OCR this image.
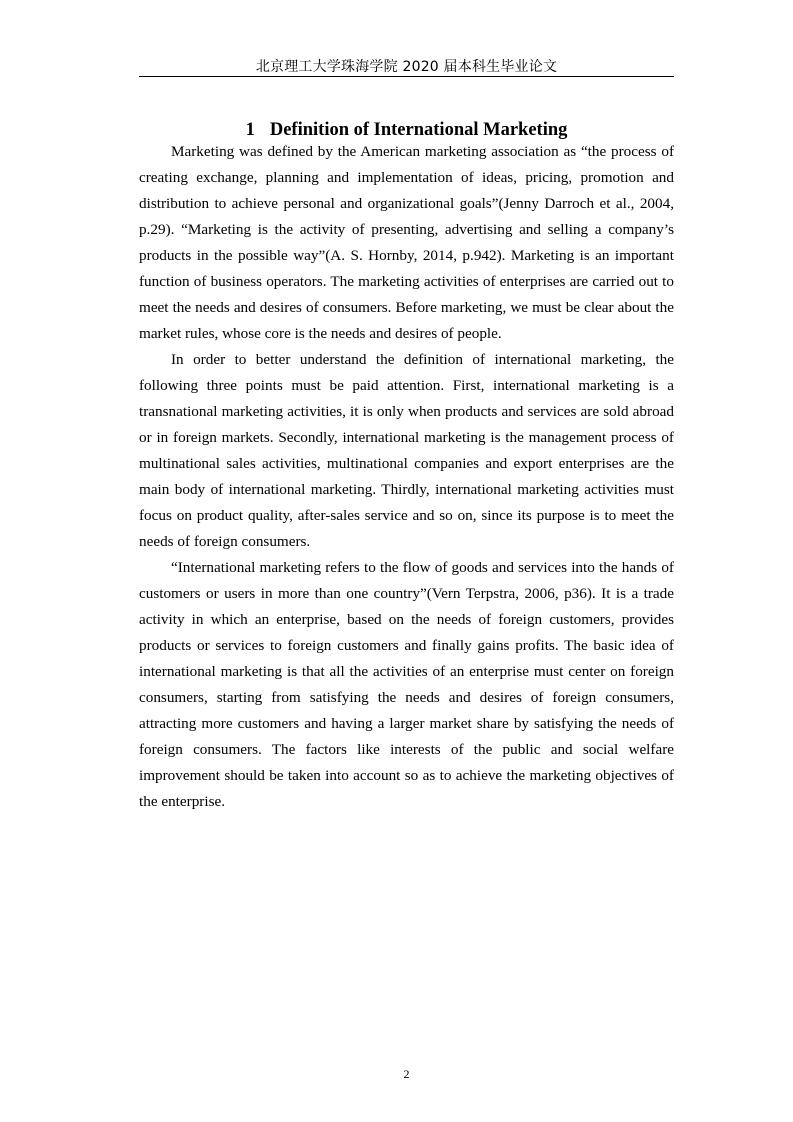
北京理工大学珠海学院 2020 届本科生毕业论文
1 Definition of International Marketing

Marketing was defined by the American marketing association as “the process of creating exchange, planning and implementation of ideas, pricing, promotion and distribution to achieve personal and organizational goals”(Jenny Darroch et al., 2004, p.29). “Marketing is the activity of presenting, advertising and selling a company’s products in the possible way”(A. S. Hornby, 2014, p.942). Marketing is an important function of business operators. The marketing activities of enterprises are carried out to meet the needs and desires of consumers. Before marketing, we must be clear about the market rules, whose core is the needs and desires of people.

In order to better understand the definition of international marketing, the following three points must be paid attention. First, international marketing is a transnational marketing activities, it is only when products and services are sold abroad or in foreign markets. Secondly, international marketing is the management process of multinational sales activities, multinational companies and export enterprises are the main body of international marketing. Thirdly, international marketing activities must focus on product quality, after-sales service and so on, since its purpose is to meet the needs of foreign consumers.

“International marketing refers to the flow of goods and services into the hands of customers or users in more than one country”(Vern Terpstra, 2006, p36). It is a trade activity in which an enterprise, based on the needs of foreign customers, provides products or services to foreign customers and finally gains profits. The basic idea of international marketing is that all the activities of an enterprise must center on foreign consumers, starting from satisfying the needs and desires of foreign consumers, attracting more customers and having a larger market share by satisfying the needs of foreign consumers. The factors like interests of the public and social welfare improvement should be taken into account so as to achieve the marketing objectives of the enterprise.

2
